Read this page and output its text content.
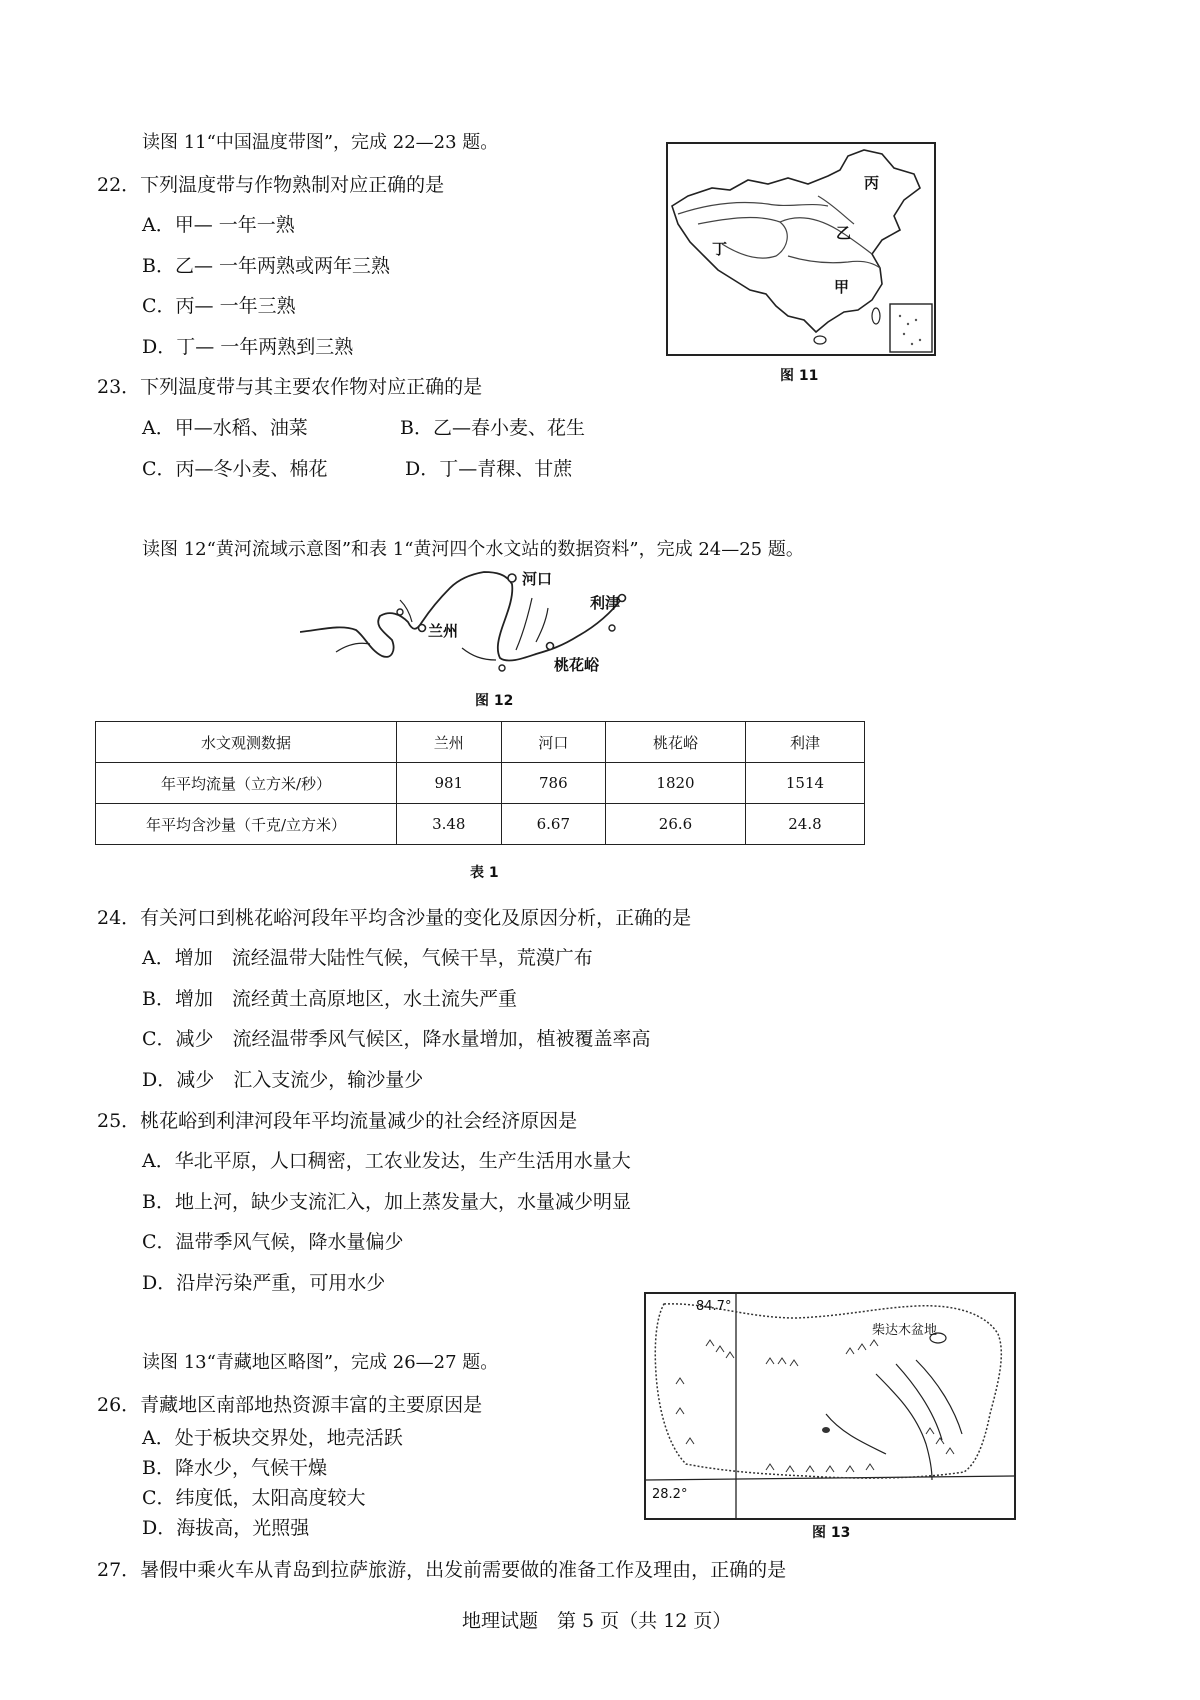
读图 11“中国温度带图”，完成 22—23 题。
22．下列温度带与作物熟制对应正确的是
A．甲— 一年一熟
B．乙— 一年两熟或两年三熟
C．丙— 一年三熟
D．丁— 一年两熟到三熟
23．下列温度带与其主要农作物对应正确的是
A．甲—水稻、油菜	B．乙—春小麦、花生
C．丙—冬小麦、棉花	D．丁—青稞、甘蔗
丙
乙
丁
甲
图 11
读图 12“黄河流域示意图”和表 1“黄河四个水文站的数据资料”，完成 24—25 题。
河口
利津
兰州
桃花峪
图 12
水文观测数据	兰州	河口	桃花峪	利津
年平均流量（立方米/秒）	981	786	1820	1514
年平均含沙量（千克/立方米）	3.48	6.67	26.6	24.8
表 1
24．有关河口到桃花峪河段年平均含沙量的变化及原因分析，正确的是
A．增加　流经温带大陆性气候，气候干旱，荒漠广布
B．增加　流经黄土高原地区，水土流失严重
C．减少　流经温带季风气候区，降水量增加，植被覆盖率高
D．减少　汇入支流少，输沙量少
25．桃花峪到利津河段年平均流量减少的社会经济原因是
A．华北平原，人口稠密，工农业发达，生产生活用水量大
B．地上河，缺少支流汇入，加上蒸发量大，水量减少明显
C．温带季风气候，降水量偏少
D．沿岸污染严重，可用水少
读图 13“青藏地区略图”，完成 26—27 题。
26．青藏地区南部地热资源丰富的主要原因是
A．处于板块交界处，地壳活跃
B．降水少，气候干燥
C．纬度低，太阳高度较大
D．海拔高，光照强
84.7°
28.2°
柴达木盆地
图 13
27．暑假中乘火车从青岛到拉萨旅游，出发前需要做的准备工作及理由，正确的是
地理试题　第 5 页（共 12 页）
